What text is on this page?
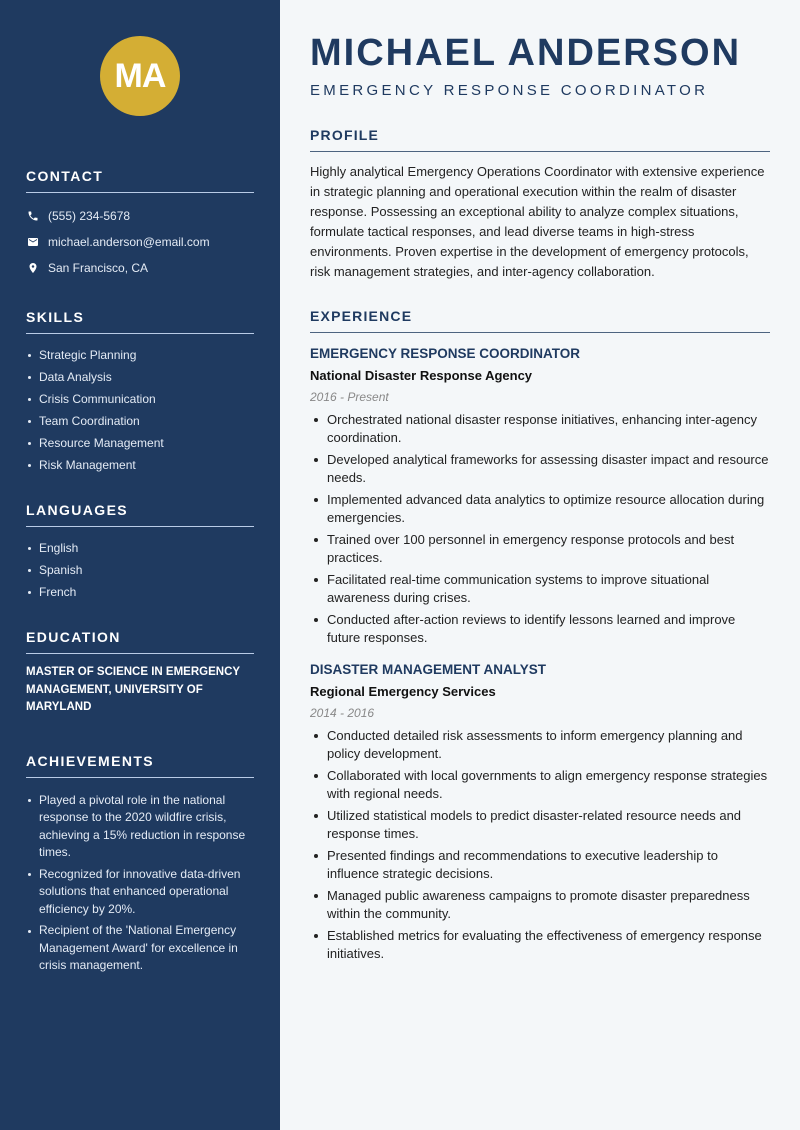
MA
CONTACT
(555) 234-5678
michael.anderson@email.com
San Francisco, CA
SKILLS
Strategic Planning
Data Analysis
Crisis Communication
Team Coordination
Resource Management
Risk Management
LANGUAGES
English
Spanish
French
EDUCATION

MASTER OF SCIENCE IN EMERGENCY MANAGEMENT, UNIVERSITY OF MARYLAND

ACHIEVEMENTS
Played a pivotal role in the national response to the 2020 wildfire crisis, achieving a 15% reduction in response times.
Recognized for innovative data-driven solutions that enhanced operational efficiency by 20%.
Recipient of the 'National Emergency Management Award' for excellence in crisis management.
MICHAEL ANDERSON
EMERGENCY RESPONSE COORDINATOR
PROFILE

Highly analytical Emergency Operations Coordinator with extensive experience in strategic planning and operational execution within the realm of disaster response. Possessing an exceptional ability to analyze complex situations, formulate tactical responses, and lead diverse teams in high-stress environments. Proven expertise in the development of emergency protocols, risk management strategies, and inter-agency collaboration.

EXPERIENCE
EMERGENCY RESPONSE COORDINATOR
National Disaster Response Agency
2016 - Present
Orchestrated national disaster response initiatives, enhancing inter-agency coordination.
Developed analytical frameworks for assessing disaster impact and resource needs.
Implemented advanced data analytics to optimize resource allocation during emergencies.
Trained over 100 personnel in emergency response protocols and best practices.
Facilitated real-time communication systems to improve situational awareness during crises.
Conducted after-action reviews to identify lessons learned and improve future responses.
DISASTER MANAGEMENT ANALYST
Regional Emergency Services
2014 - 2016
Conducted detailed risk assessments to inform emergency planning and policy development.
Collaborated with local governments to align emergency response strategies with regional needs.
Utilized statistical models to predict disaster-related resource needs and response times.
Presented findings and recommendations to executive leadership to influence strategic decisions.
Managed public awareness campaigns to promote disaster preparedness within the community.
Established metrics for evaluating the effectiveness of emergency response initiatives.
